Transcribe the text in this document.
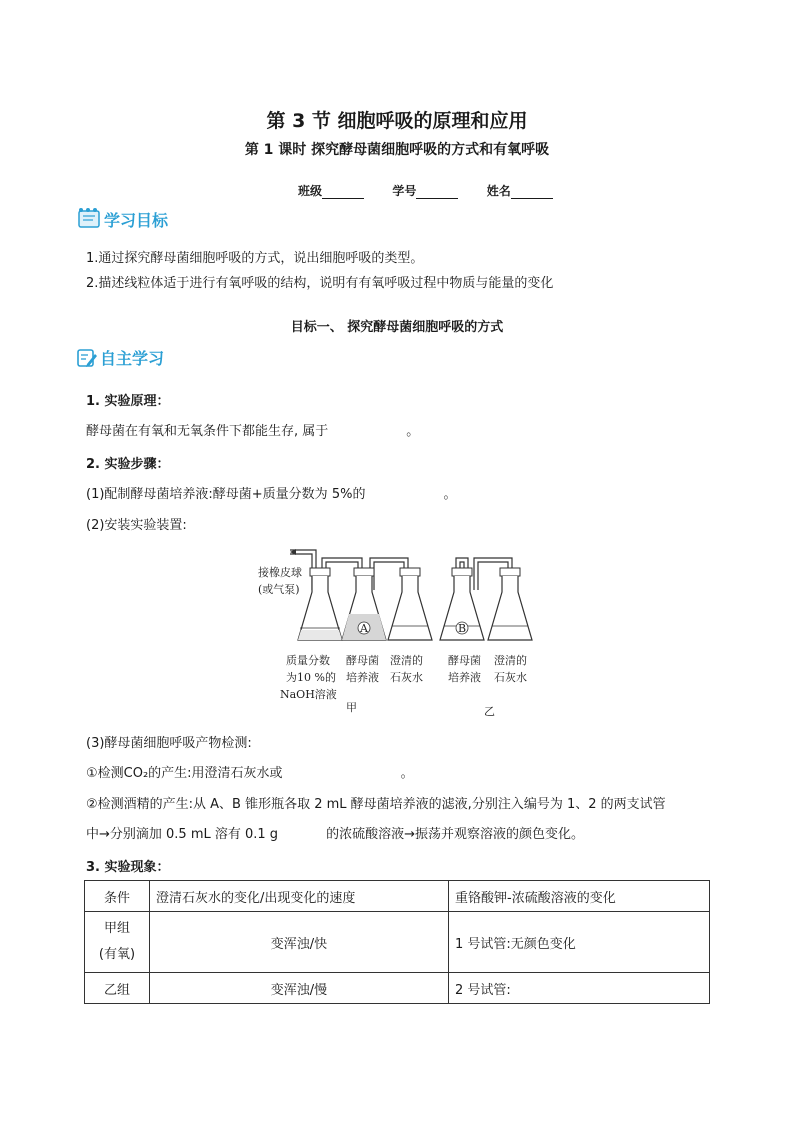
第 3 节 细胞呼吸的原理和应用
第 1 课时 探究酵母菌细胞呼吸的方式和有氧呼吸
班级	学号	姓名
学习目标
1.通过探究酵母菌细胞呼吸的方式，说出细胞呼吸的类型。
2.描述线粒体适于进行有氧呼吸的结构，说明有有氧呼吸过程中物质与能量的变化
目标一、 探究酵母菌细胞呼吸的方式
自主学习
1. 实验原理：
酵母菌在有氧和无氧条件下都能生存, 属于	。
2. 实验步骤：
(1)配制酵母菌培养液:酵母菌+质量分数为 5%的	。
(2)安装实验装置:
A	B
接橡皮球
(或气泵)
质量分数
为10 %的
NaOH溶液
酵母菌
培养液
澄清的
石灰水
酵母菌
培养液
澄清的
石灰水
甲	乙
(3)酵母菌细胞呼吸产物检测:
①检测CO₂的产生:用澄清石灰水或	。
②检测酒精的产生:从 A、B 锥形瓶各取 2 mL 酵母菌培养液的滤液,分别注入编号为 1、2 的两支试管
中→分别滴加 0.5 mL 溶有 0.1 g	的浓硫酸溶液→振荡并观察溶液的颜色变化。
3. 实验现象：
条件	澄清石灰水的变化/出现变化的速度	重铬酸钾-浓硫酸溶液的变化

甲组
(有氧)	变浑浊/快	1 号试管:无颜色变化
乙组	变浑浊/慢	2 号试管:
